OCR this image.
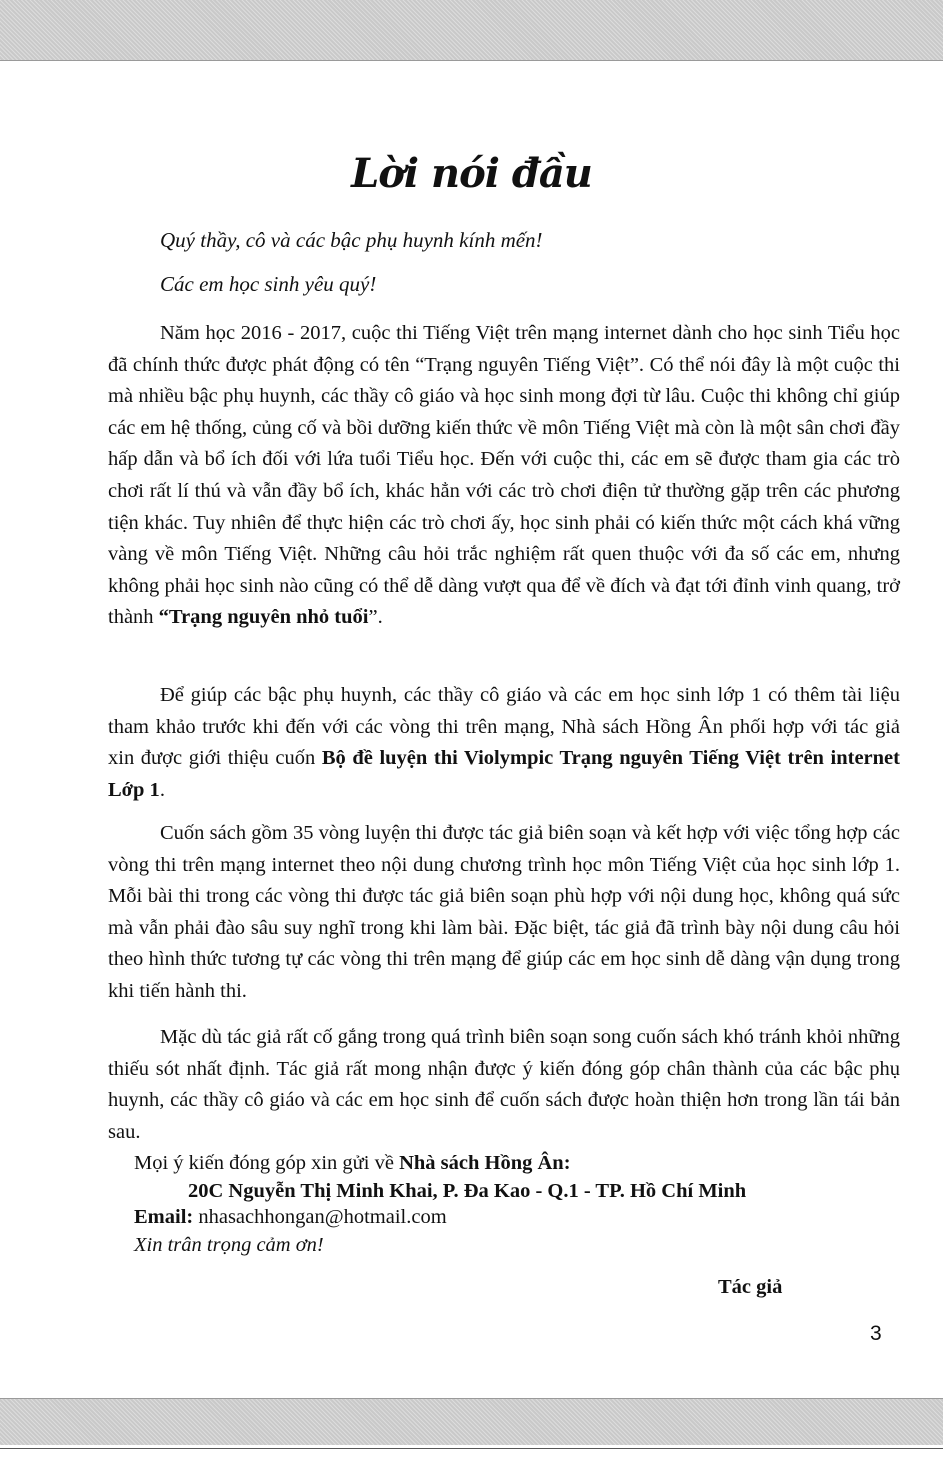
Lời nói đầu

Quý thầy, cô và các bậc phụ huynh kính mến!

Các em học sinh yêu quý!

Năm học 2016 - 2017, cuộc thi Tiếng Việt trên mạng internet dành cho học sinh Tiểu học đã chính thức được phát động có tên “Trạng nguyên Tiếng Việt”. Có thể nói đây là một cuộc thi mà nhiều bậc phụ huynh, các thầy cô giáo và học sinh mong đợi từ lâu. Cuộc thi không chỉ giúp các em hệ thống, củng cố và bồi dưỡng kiến thức về môn Tiếng Việt mà còn là một sân chơi đầy hấp dẫn và bổ ích đối với lứa tuổi Tiểu học. Đến với cuộc thi, các em sẽ được tham gia các trò chơi rất lí thú và vẫn đầy bổ ích, khác hẳn với các trò chơi điện tử thường gặp trên các phương tiện khác. Tuy nhiên để thực hiện các trò chơi ấy, học sinh phải có kiến thức một cách khá vững vàng về môn Tiếng Việt. Những câu hỏi trắc nghiệm rất quen thuộc với đa số các em, nhưng không phải học sinh nào cũng có thể dễ dàng vượt qua để về đích và đạt tới đỉnh vinh quang, trở thành “Trạng nguyên nhỏ tuổi”.

Để giúp các bậc phụ huynh, các thầy cô giáo và các em học sinh lớp 1 có thêm tài liệu tham khảo trước khi đến với các vòng thi trên mạng, Nhà sách Hồng Ân phối hợp với tác giả xin được giới thiệu cuốn Bộ đề luyện thi Violympic Trạng nguyên Tiếng Việt trên internet Lớp 1.

Cuốn sách gồm 35 vòng luyện thi được tác giả biên soạn và kết hợp với việc tổng hợp các vòng thi trên mạng internet theo nội dung chương trình học môn Tiếng Việt của học sinh lớp 1. Mỗi bài thi trong các vòng thi được tác giả biên soạn phù hợp với nội dung học, không quá sức mà vẫn phải đào sâu suy nghĩ trong khi làm bài. Đặc biệt, tác giả đã trình bày nội dung câu hỏi theo hình thức tương tự các vòng thi trên mạng để giúp các em học sinh dễ dàng vận dụng trong khi tiến hành thi.

Mặc dù tác giả rất cố gắng trong quá trình biên soạn song cuốn sách khó tránh khỏi những thiếu sót nhất định. Tác giả rất mong nhận được ý kiến đóng góp chân thành của các bậc phụ huynh, các thầy cô giáo và các em học sinh để cuốn sách được hoàn thiện hơn trong lần tái bản sau.

Mọi ý kiến đóng góp xin gửi về Nhà sách Hồng Ân:

20C Nguyễn Thị Minh Khai, P. Đa Kao - Q.1 - TP. Hồ Chí Minh

Email: nhasachhongan@hotmail.com

Xin trân trọng cảm ơn!

Tác giả

3
